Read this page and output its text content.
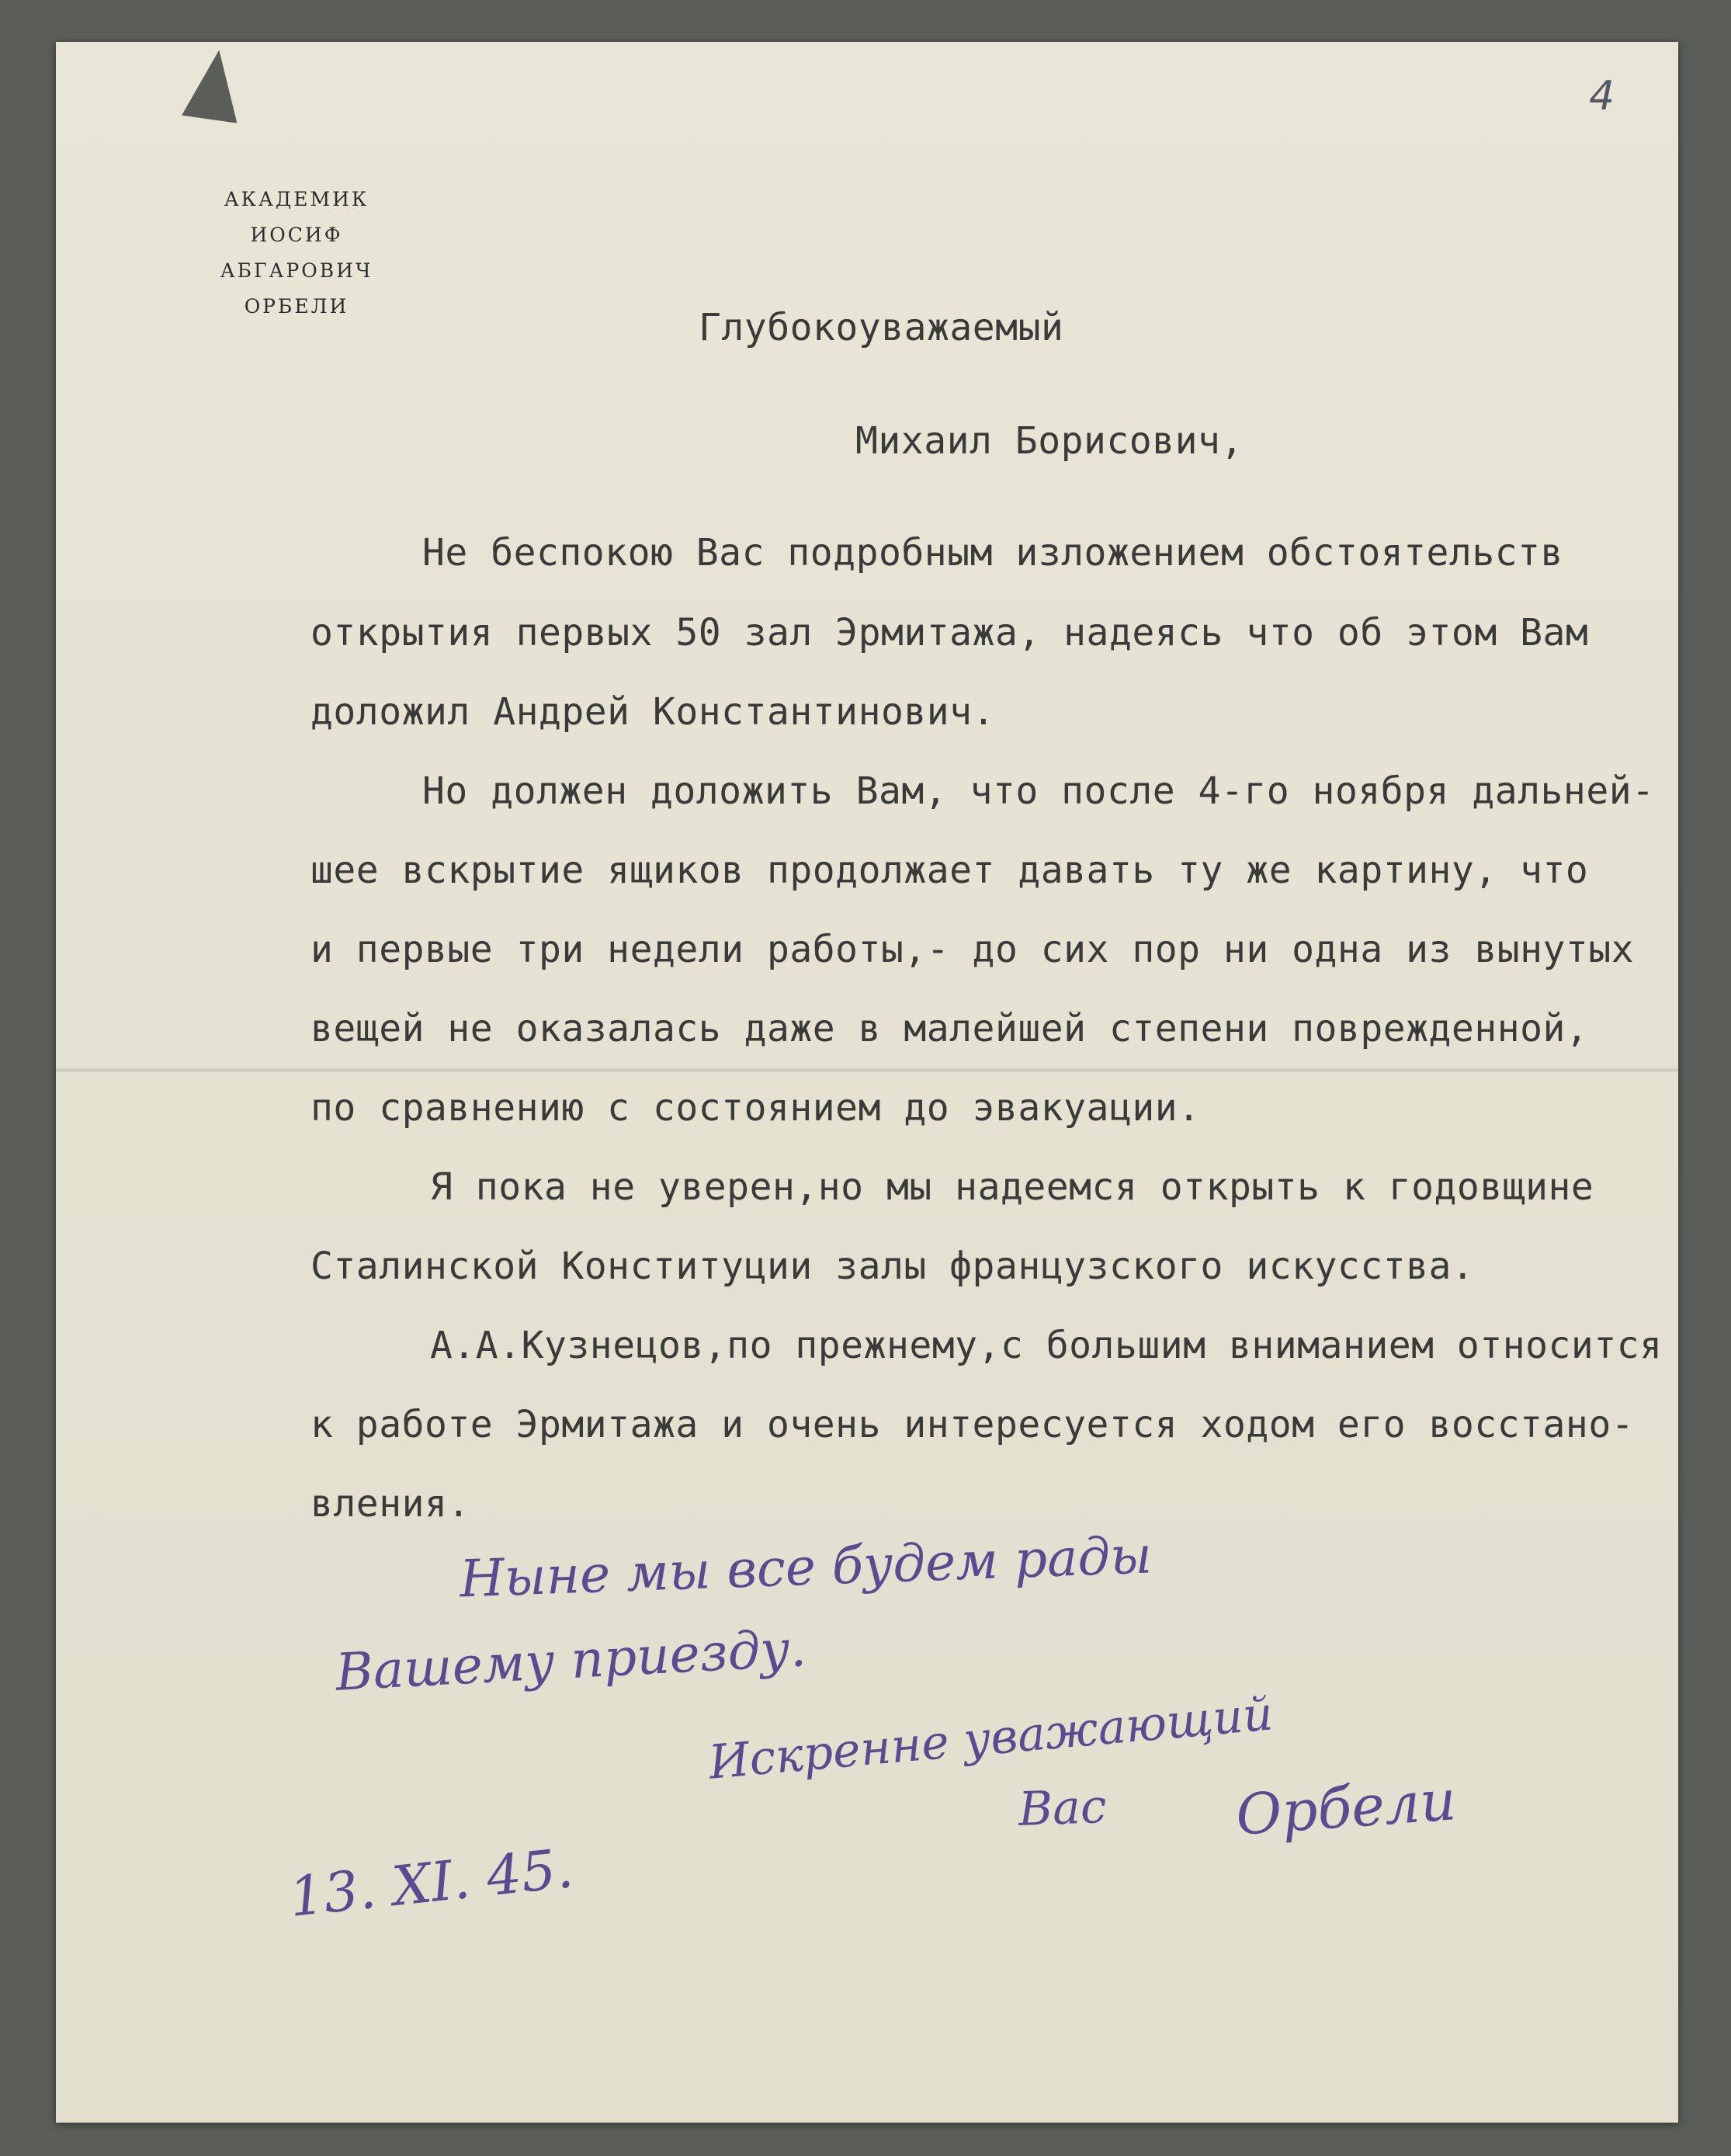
4
АКАДЕМИК
ИОСИФ АБГАРОВИЧ
ОРБЕЛИ	Глубокоуважаемый
Михаил Борисович,
Не беспокою Вас подробным изложением обстоятельств
открытия первых 50 зал Эрмитажа, надеясь что об этом Вам
доложил Андрей Константинович.
Но должен доложить Вам, что после 4-го ноября дальней-
шее вскрытие ящиков продолжает давать ту же картину, что
и первые три недели работы,- до сих пор ни одна из вынутых
вещей не оказалась даже в малейшей степени поврежденной,
по сравнению с состоянием до эвакуации.
Я пока не уверен,но мы надеемся открыть к годовщине
Сталинской Конституции залы французского искусства.
А.А.Кузнецов,по прежнему,с большим вниманием относится
к работе Эрмитажа и очень интересуется ходом его восстано-
вления.
Ныне мы все будем рады
Вашему приезду.
Искренне уважающий
Вас Орбели
13. XI. 45.
